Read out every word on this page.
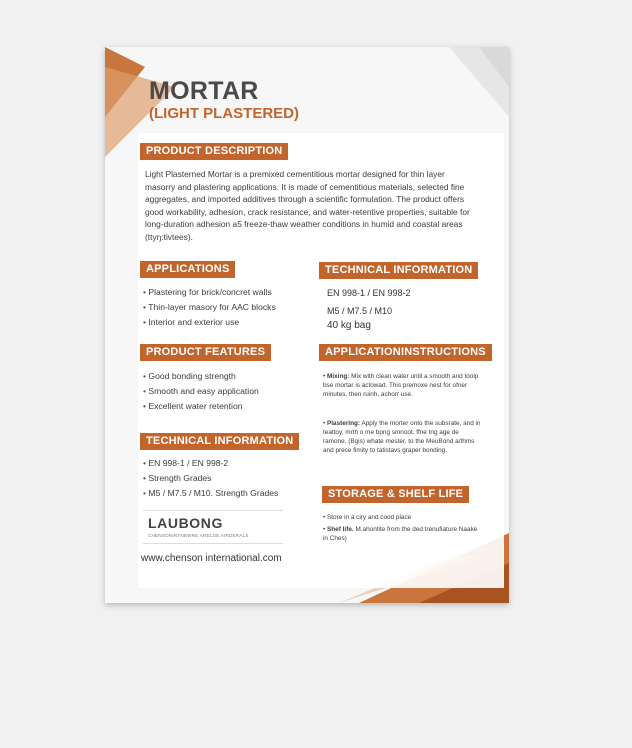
MORTAR
(LIGHT PLASTERED)
PRODUCT DESCRIPTION
Light Plasterned Mortar is a premixed cementitious mortar designed for thin layer masorry and plastering applications. It is made of cementitious materials, selected fine aggregates, and imported additives through a scientific formulation. The product offers good workability, adhesion, crack resistance, and water-retentive properties, suitable for long-duration adhesion a5 freeze-thaw weather conditions in humid and coastal areas (ttyŋ:tivtees).
APPLICATIONS
• Plastering for brick/concret walls
• Thin-layer masory for AAC blocks
• Interior and exterior use
TECHNICAL INFORMATION
EN 998-1 / EN 998-2
M5 / M7.5 / M10
40 kg bag
PRODUCT FEATURES
• Good bonding strength
• Smooth and easy application
• Excellent water retention
APPLICATIONINSTRUCTIONS
• Mixing: Mix with clean water until a smooth and toolp bse mortar is actowad. This premoxe nest for ofner minutes, then ruinh, achorr use.
• Plastering: Apply the morter onto the subsrate, and in teattoy, mrth o me bpng smnoot. ffne tng age de ramone. (Bgis) whate mester, to the MeuBond a/thms and prece fimity to tatistavs graper bonding.
TECHNICAL INFORMATION
• EN 998-1 / EN 998-2
• Strength Grades
• M5 / M7.5 / M10. Strength Grades	STORAGE & SHELF LIFE
• Store in a ciry and cood place
• Shef life. M.ahontite from the ded trenufiature Naake in Ches)
LAUBONG
CHENSONINTNEWRE ARELGE AIRDERALS
www.chenson international.com
